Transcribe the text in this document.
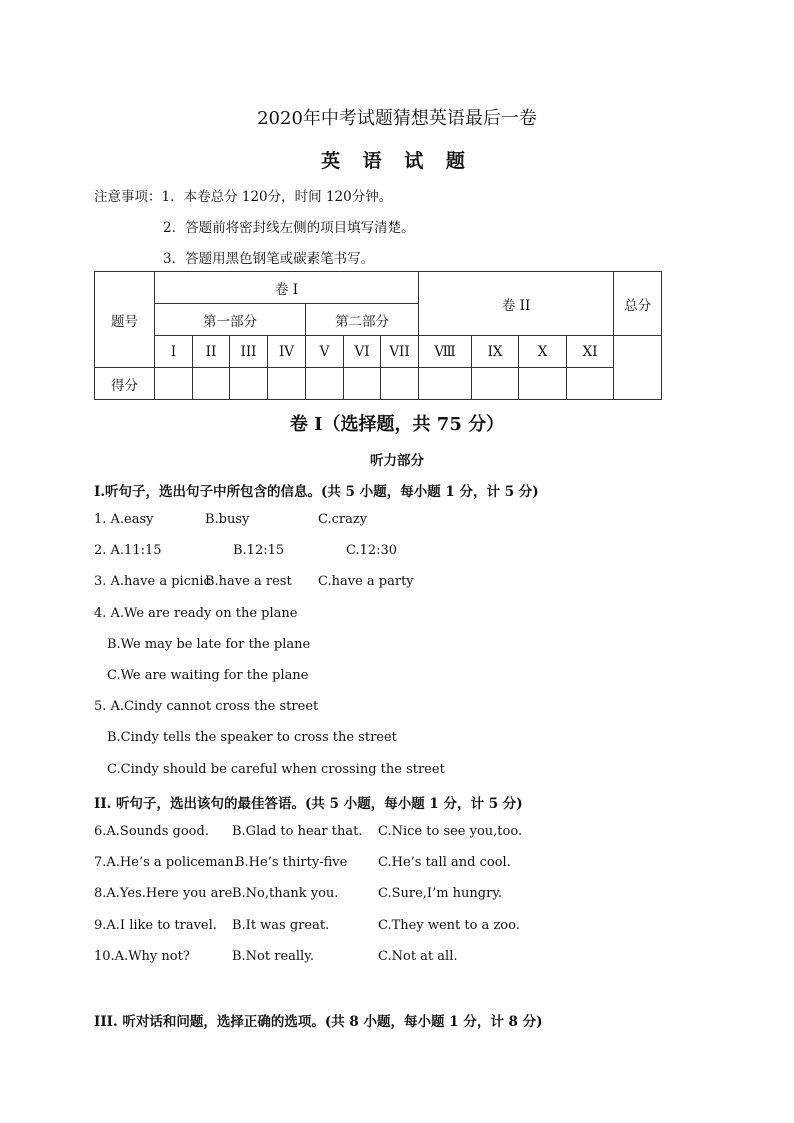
2020年中考试题猜想英语最后一卷
英 语 试 题
注意事项：1．本卷总分 120分，时间 120分钟。
2．答题前将密封线左侧的项目填写清楚。
3．答题用黑色钢笔或碳素笔书写。
题号	卷 I							卷 II				总分
	第一部分				第二部分							
	I	II	III	IV	V	VI	VII	Ⅷ	IX	X	XI	
得分												
卷 I（选择题，共 75 分）
听力部分
I.听句子，选出句子中所包含的信息。(共 5 小题，每小题 1 分，计 5 分)
1. A.easy	B.busy	C.crazy
2. A.11:15	B.12:15	C.12:30
3. A.have a picnic
B.have a rest C.have a party
4. A.We are ready on the plane
B.We may be late for the plane
C.We are waiting for the plane
5. A.Cindy cannot cross the street
B.Cindy tells the speaker to cross the street
C.Cindy should be careful when crossing the street
II. 听句子，选出该句的最佳答语。(共 5 小题，每小题 1 分，计 5 分)
6.A.Sounds good. B.Glad to hear that. C.Nice to see you,too.
7.A.He’s a policeman.
B.He’s thirty-five C.He’s tall and cool.
8.A.Yes.Here you are.
B.No,thank you.	C.Sure,I’m hungry.
9.A.I like to travel. B.It was great.	C.They went to a zoo.
10.A.Why not?	B.Not really.	C.Not at all.
III. 听对话和问题，选择正确的选项。(共 8 小题，每小题 1 分，计 8 分)
